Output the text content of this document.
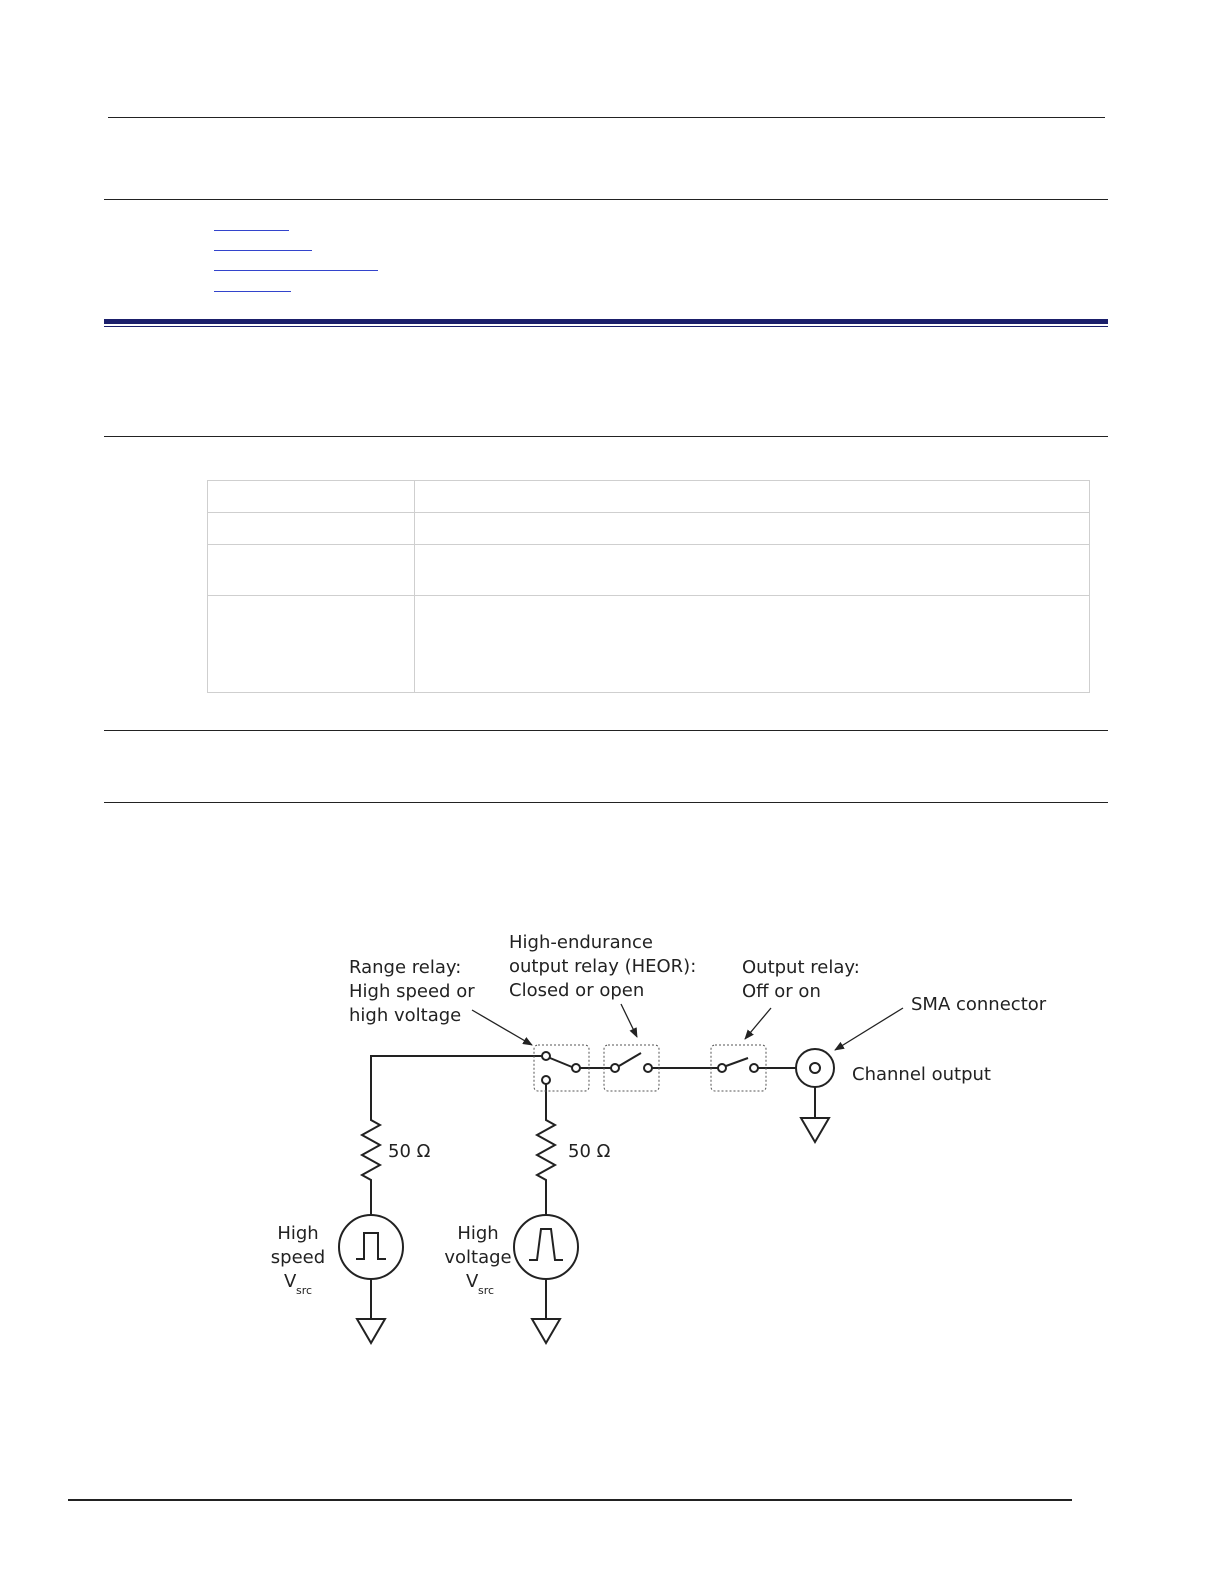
Range relay:
High speed or
high voltage
High-endurance
output relay (HEOR):
Closed or open
Output relay:
Off or on
SMA connector
Channel output
50 Ω	50 Ω
High
speed
V src
High
voltage
V src
